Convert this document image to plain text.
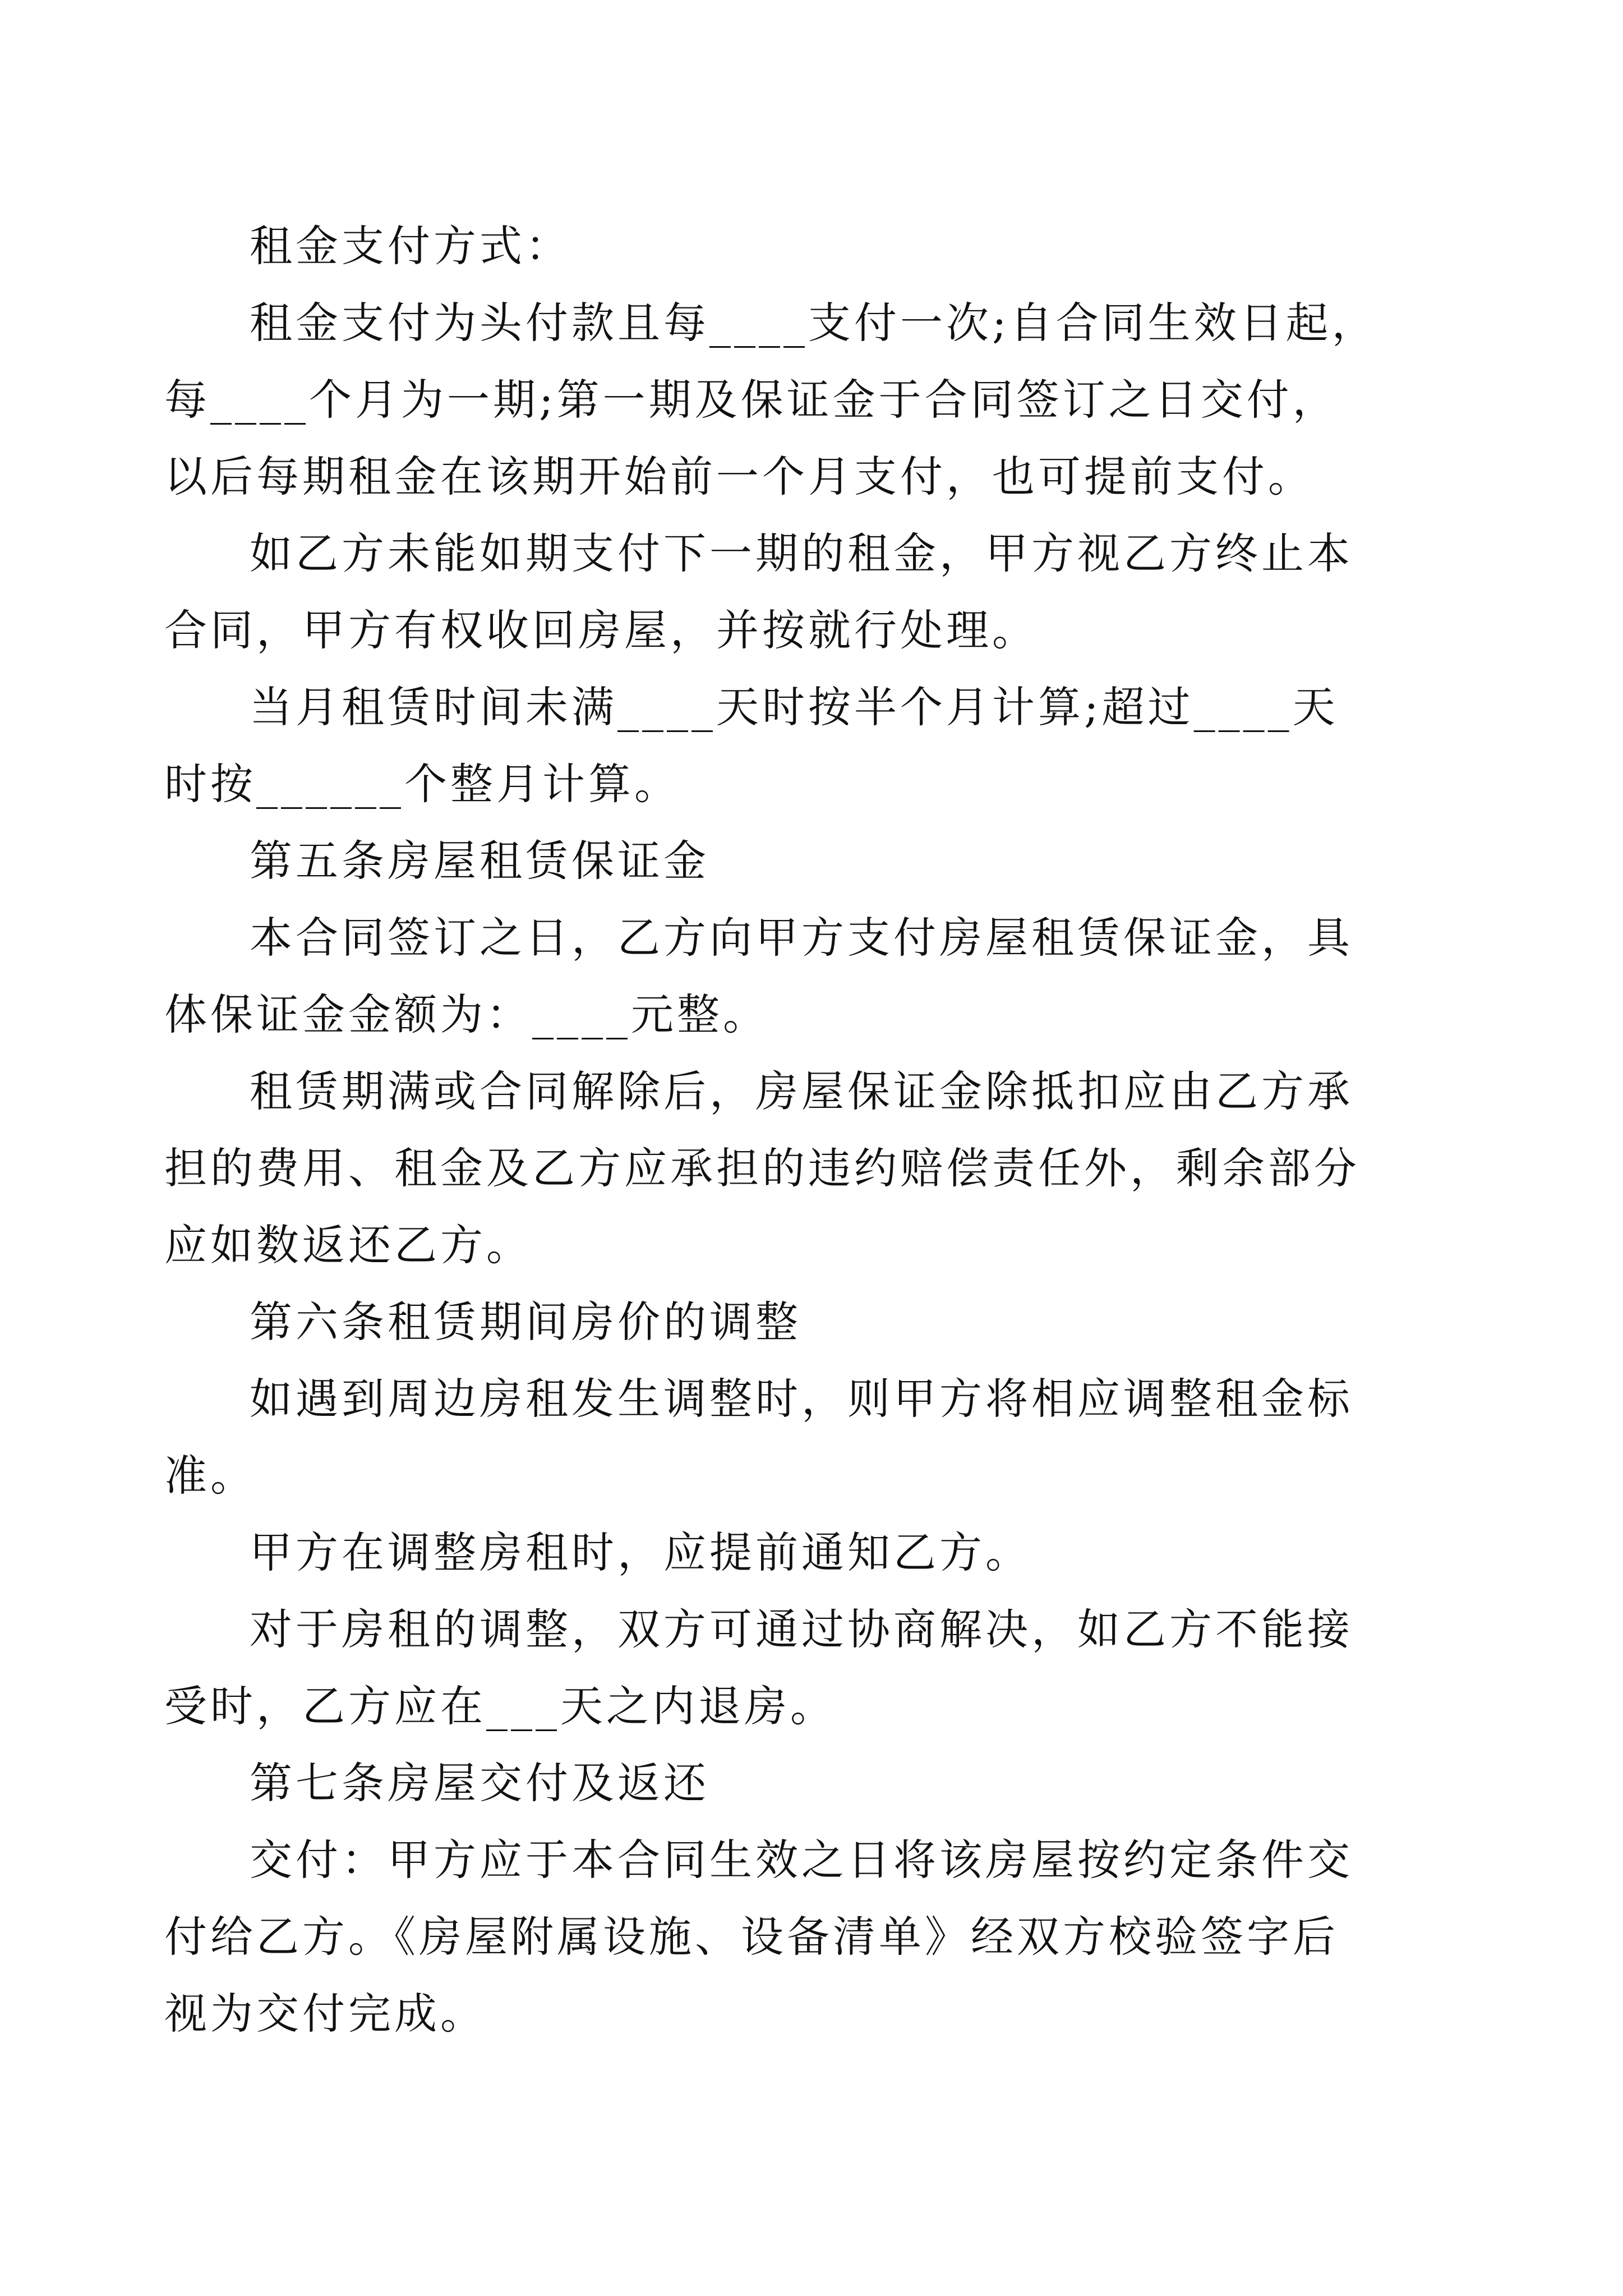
租金支付方式：

租金支付为头付款且每____支付一次;自合同生效日起，
每____个月为一期;第一期及保证金于合同签订之日交付，
以后每期租金在该期开始前一个月支付，也可提前支付。

如乙方未能如期支付下一期的租金，甲方视乙方终止本
合同，甲方有权收回房屋，并按就行处理。

当月租赁时间未满____天时按半个月计算;超过____天
时按______个整月计算。

第五条房屋租赁保证金

本合同签订之日，乙方向甲方支付房屋租赁保证金，具
体保证金金额为：____元整。

租赁期满或合同解除后，房屋保证金除抵扣应由乙方承
担的费用、租金及乙方应承担的违约赔偿责任外，剩余部分
应如数返还乙方。

第六条租赁期间房价的调整

如遇到周边房租发生调整时，则甲方将相应调整租金标
准。

甲方在调整房租时，应提前通知乙方。

对于房租的调整，双方可通过协商解决，如乙方不能接
受时，乙方应在___天之内退房。

第七条房屋交付及返还

交付：甲方应于本合同生效之日将该房屋按约定条件交
付给乙方。《房屋附属设施、设备清单》经双方校验签字后
视为交付完成。
